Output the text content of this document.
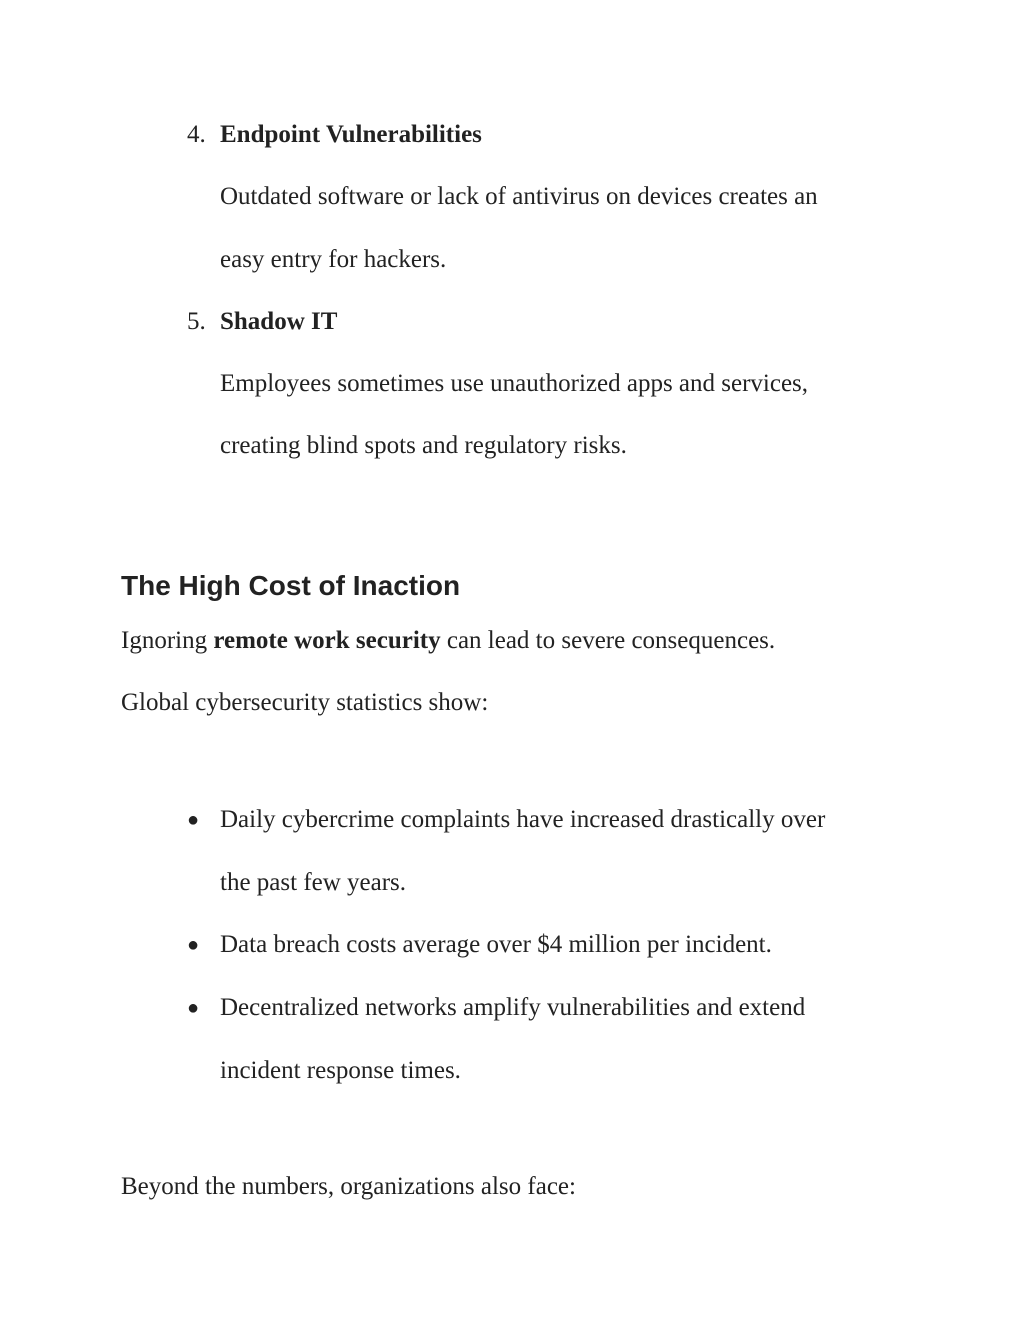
4. Endpoint Vulnerabilities
Outdated software or lack of antivirus on devices creates an
easy entry for hackers.
5. Shadow IT
Employees sometimes use unauthorized apps and services,
creating blind spots and regulatory risks.
The High Cost of Inaction

Ignoring remote work security can lead to severe consequences.

Global cybersecurity statistics show:

● Daily cybercrime complaints have increased drastically over
the past few years.
● Data breach costs average over $4 million per incident.
● Decentralized networks amplify vulnerabilities and extend
incident response times.

Beyond the numbers, organizations also face:
